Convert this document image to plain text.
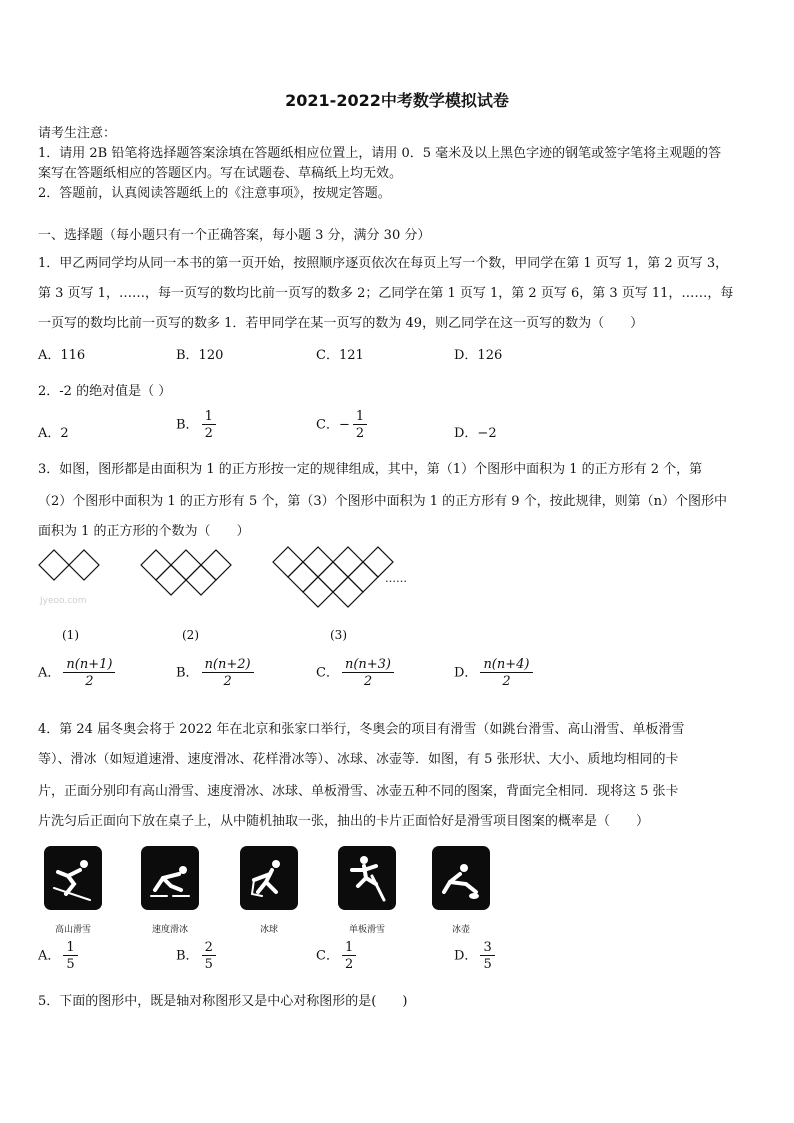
2021-2022中考数学模拟试卷
请考生注意：
1．请用 2B 铅笔将选择题答案涂填在答题纸相应位置上，请用 0．5 毫米及以上黑色字迹的钢笔或签字笔将主观题的答
案写在答题纸相应的答题区内。写在试题卷、草稿纸上均无效。
2．答题前，认真阅读答题纸上的《注意事项》，按规定答题。
一、选择题（每小题只有一个正确答案，每小题 3 分，满分 30 分）
1．甲乙两同学均从同一本书的第一页开始，按照顺序逐页依次在每页上写一个数，甲同学在第 1 页写 1，第 2 页写 3，
第 3 页写 1，……，每一页写的数均比前一页写的数多 2；乙同学在第 1 页写 1，第 2 页写 6，第 3 页写 11，……，每
一页写的数均比前一页写的数多 1．若甲同学在某一页写的数为 49，则乙同学在这一页写的数为（　　）
A．116	B．120	C．121	D．126
2．-2 的绝对值是（ ）
A．2
B． $\frac{1}{2}$	C．− $\frac{1}{2}$	D．−2
3．如图，图形都是由面积为 1 的正方形按一定的规律组成，其中，第（1）个图形中面积为 1 的正方形有 2 个，第
（2）个图形中面积为 1 的正方形有 5 个，第（3）个图形中面积为 1 的正方形有 9 个，按此规律，则第（n）个图形中
面积为 1 的正方形的个数为（　　）
……
Jyeoo.com
(1)	(2)	(3)
A． $\frac{n(n+1)}{2}$	B． $\frac{n(n+2)}{2}$	C． $\frac{n(n+3)}{2}$	D． $\frac{n(n+4)}{2}$
4．第 24 届冬奥会将于 2022 年在北京和张家口举行，冬奥会的项目有滑雪（如跳台滑雪、高山滑雪、单板滑雪
等）、滑冰（如短道速滑、速度滑冰、花样滑冰等）、冰球、冰壶等．如图，有 5 张形状、大小、质地均相同的卡
片，正面分别印有高山滑雪、速度滑冰、冰球、单板滑雪、冰壶五种不同的图案，背面完全相同．现将这 5 张卡
片洗匀后正面向下放在桌子上，从中随机抽取一张，抽出的卡片正面恰好是滑雪项目图案的概率是（　　）
高山滑雪	速度滑冰	冰球	单板滑雪	冰壶
A． $\frac{1}{5}$	B． $\frac{2}{5}$	C． $\frac{1}{2}$	D． $\frac{3}{5}$
5．下面的图形中，既是轴对称图形又是中心对称图形的是(　　)
